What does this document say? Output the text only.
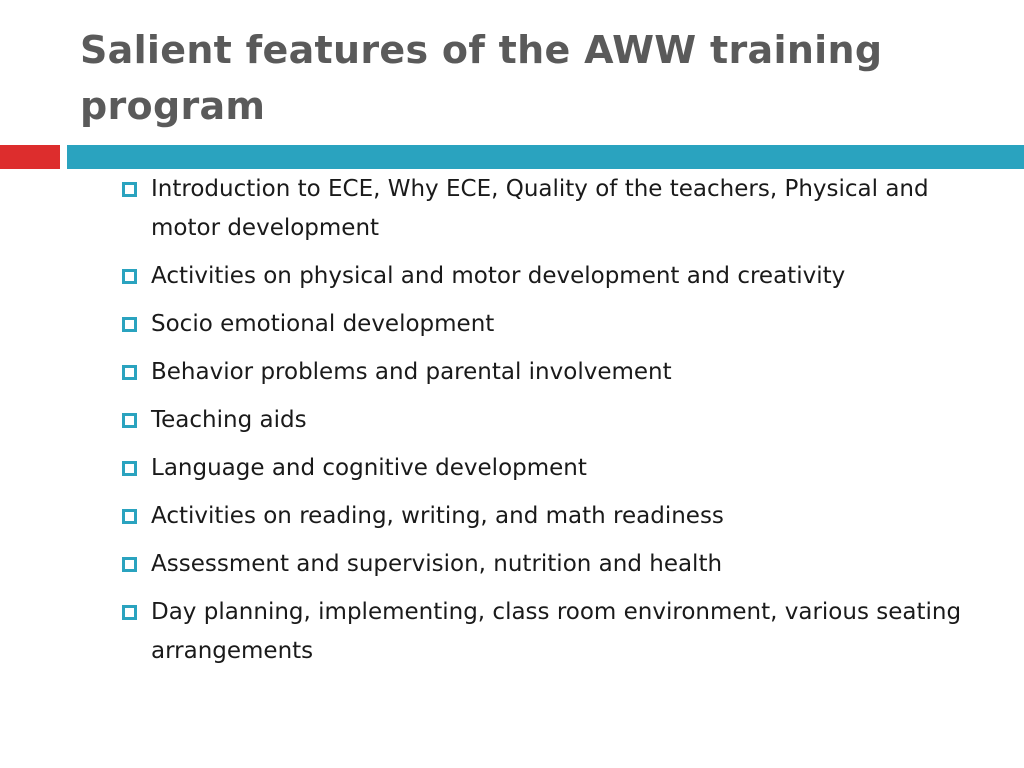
Salient features of the AWW training program
Introduction to ECE, Why ECE, Quality of the teachers, Physical and motor development
Activities on physical and motor development and creativity
Socio emotional development
Behavior problems and parental involvement
Teaching aids
Language and cognitive development
Activities on reading, writing, and math readiness
Assessment and supervision, nutrition and health
Day planning, implementing, class room environment, various seating arrangements
